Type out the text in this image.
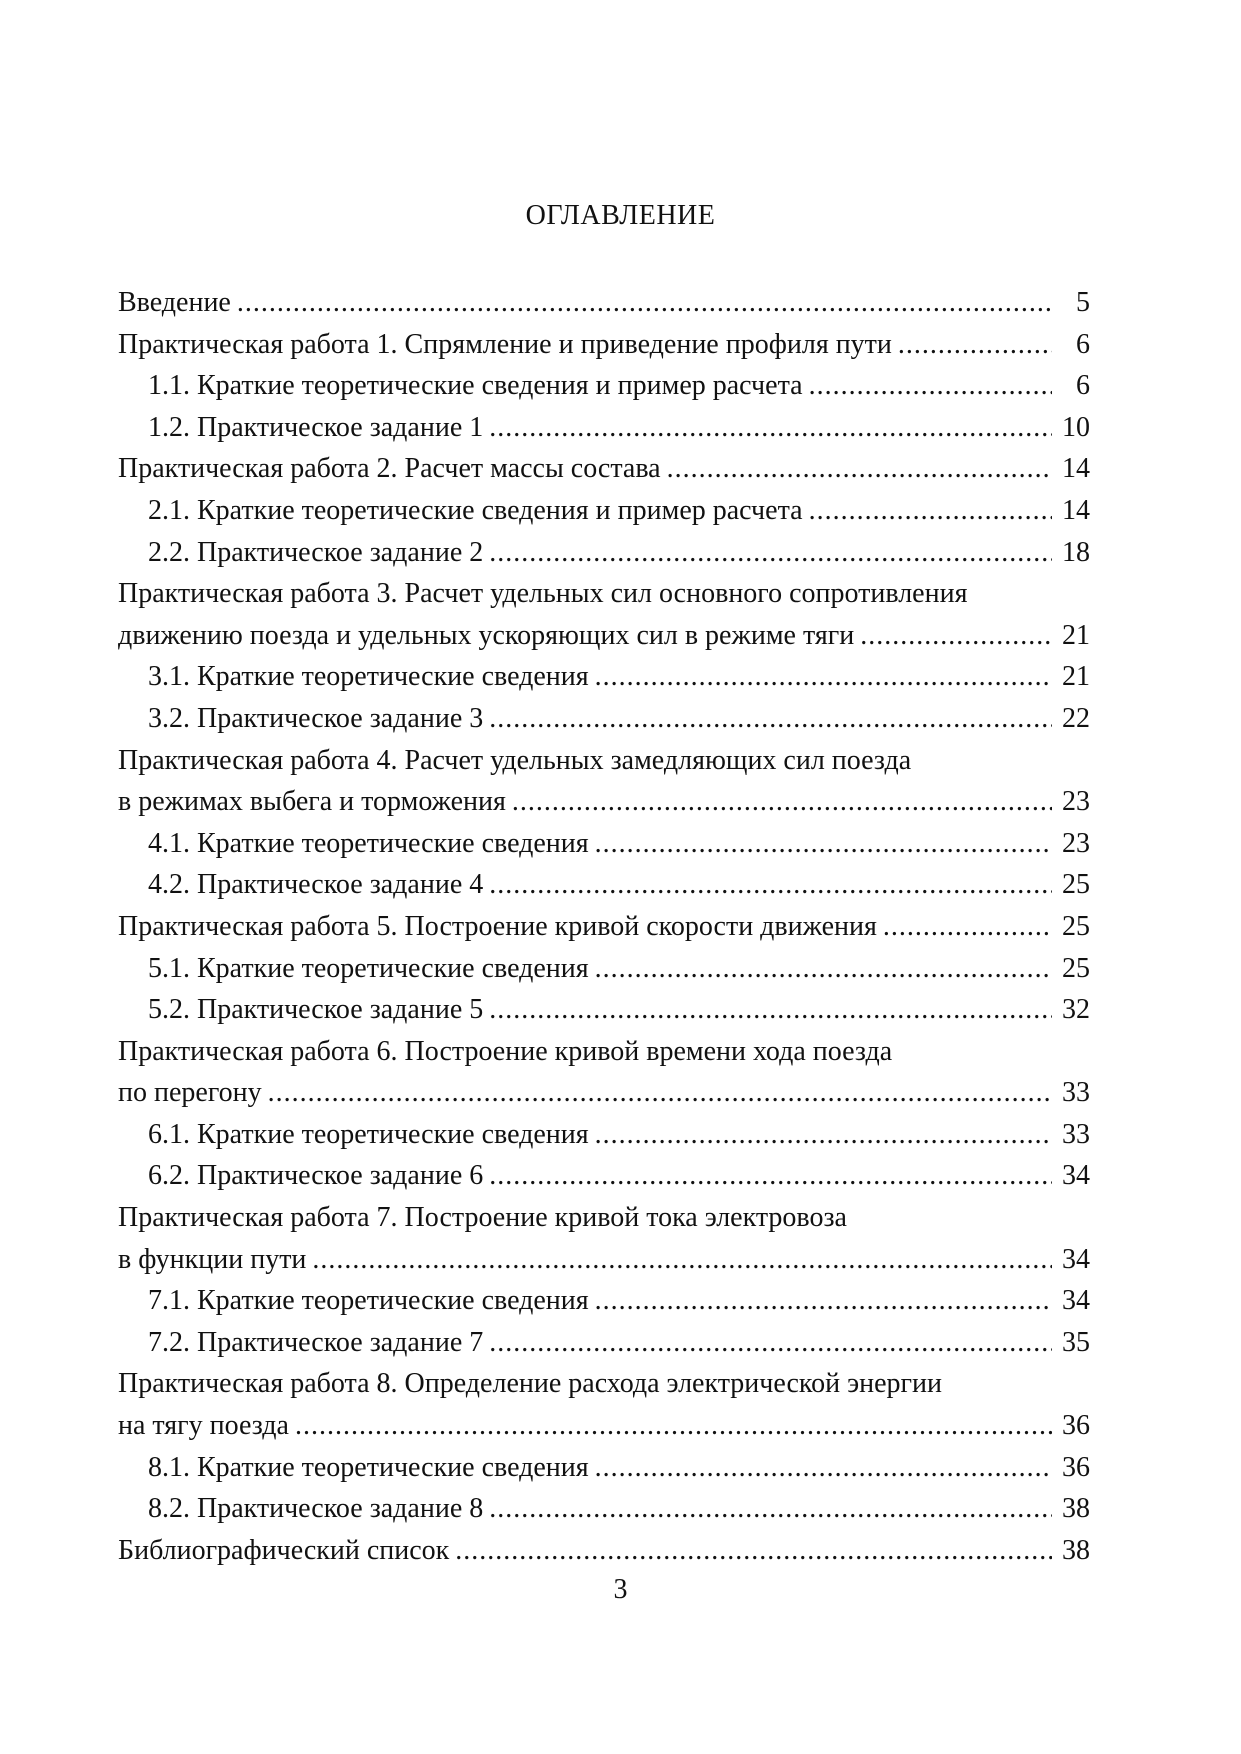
ОГЛАВЛЕНИЕ
Введение .....	5
Практическая работа 1. Спрямление и приведение профиля пути .....	6
1.1. Краткие теоретические сведения и пример расчета .....	6
1.2. Практическое задание 1 .....	10
Практическая работа 2. Расчет массы состава .....	14
2.1. Краткие теоретические сведения и пример расчета .....	14
2.2. Практическое задание 2 .....	18
Практическая работа 3. Расчет удельных сил основного сопротивления
движению поезда и удельных ускоряющих сил в режиме тяги .....	21
3.1. Краткие теоретические сведения .....	21
3.2. Практическое задание 3 .....	22
Практическая работа 4. Расчет удельных замедляющих сил поезда
в режимах выбега и торможения .....	23
4.1. Краткие теоретические сведения .....	23
4.2. Практическое задание 4 .....	25
Практическая работа 5. Построение кривой скорости движения .....	25
5.1. Краткие теоретические сведения .....	25
5.2. Практическое задание 5 .....	32
Практическая работа 6. Построение кривой времени хода поезда
по перегону .....	33
6.1. Краткие теоретические сведения .....	33
6.2. Практическое задание 6 .....	34
Практическая работа 7. Построение кривой тока электровоза
в функции пути .....	34
7.1. Краткие теоретические сведения .....	34
7.2. Практическое задание 7 .....	35
Практическая работа 8. Определение расхода электрической энергии
на тягу поезда .....	36
8.1. Краткие теоретические сведения .....	36
8.2. Практическое задание 8 .....	38
Библиографический список .....	38
3
